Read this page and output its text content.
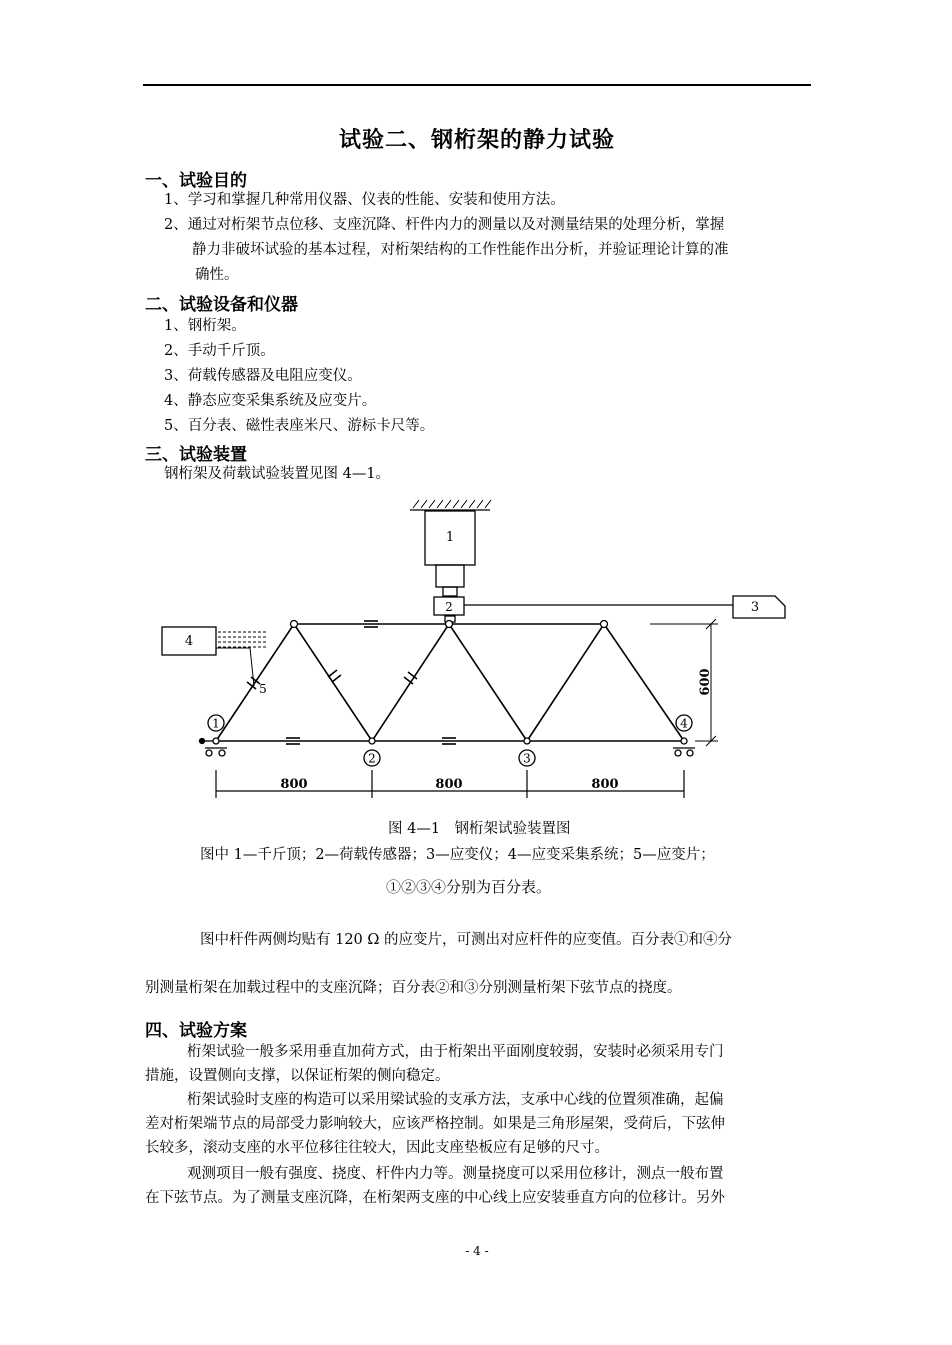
试验二、钢桁架的静力试验
一、试验目的
1、学习和掌握几种常用仪器、仪表的性能、安装和使用方法。
2、通过对桁架节点位移、支座沉降、杆件内力的测量以及对测量结果的处理分析，掌握
静力非破坏试验的基本过程，对桁架结构的工作性能作出分析，并验证理论计算的准
确性。
二、试验设备和仪器
1、钢桁架。
2、手动千斤顶。
3、荷载传感器及电阻应变仪。
4、静态应变采集系统及应变片。
5、百分表、磁性表座米尺、游标卡尺等。
三、试验装置
钢桁架及荷载试验装置见图 4—1。
1
2	3
4
5
1
2	3
4
800	800	800
600
图 4—1　钢桁架试验装置图
图中 1—千斤顶；2—荷载传感器；3—应变仪；4—应变采集系统；5—应变片；
①②③④分别为百分表。
图中杆件两侧均贴有 120 Ω 的应变片，可测出对应杆件的应变值。百分表①和④分
别测量桁架在加载过程中的支座沉降；百分表②和③分别测量桁架下弦节点的挠度。
四、试验方案
桁架试验一般多采用垂直加荷方式，由于桁架出平面刚度较弱，安装时必须采用专门
措施，设置侧向支撑，以保证桁架的侧向稳定。
桁架试验时支座的构造可以采用梁试验的支承方法，支承中心线的位置须准确，起偏
差对桁架端节点的局部受力影响较大，应该严格控制。如果是三角形屋架，受荷后，下弦伸
长较多，滚动支座的水平位移往往较大，因此支座垫板应有足够的尺寸。
观测项目一般有强度、挠度、杆件内力等。测量挠度可以采用位移计，测点一般布置
在下弦节点。为了测量支座沉降，在桁架两支座的中心线上应安装垂直方向的位移计。另外
- 4 -
